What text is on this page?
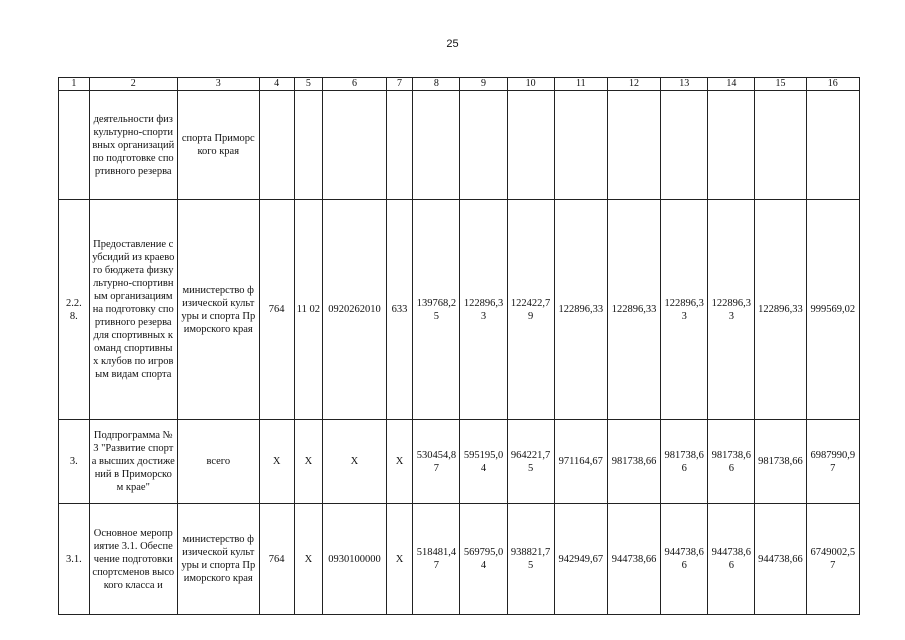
25
1	2	3	4	5	6	7	8	9	10	11	12	13	14	15	16
	деятельности физкультурно-спортивных организаций по подготовке спортивного резерва	спорта Приморского края													
2.2. 8.	Предоставление субсидий из краевого бюджета физкультурно-спортивным организациям на подготовку спортивного резерва для спортивных команд спортивных клубов по игровым видам спорта	министерство физической культуры и спорта Приморского края	764	11 02	0920262010	633	139768,25	122896,33	122422,79	122896,33	122896,33	122896,33	122896,33	122896,33	999569,02
3.	Подпрограмма № 3 "Развитие спорта высших достижений в Приморском крае"	всего	X	X	X	X	530454,87	595195,04	964221,75	971164,67	981738,66	981738,66	981738,66	981738,66	6987990,97
3.1.	Основное мероприятие 3.1. Обеспечение подготовки спортсменов высокого класса и	министерство физической культуры и спорта Приморского края	764	X	0930100000	X	518481,47	569795,04	938821,75	942949,67	944738,66	944738,66	944738,66	944738,66	6749002,57
